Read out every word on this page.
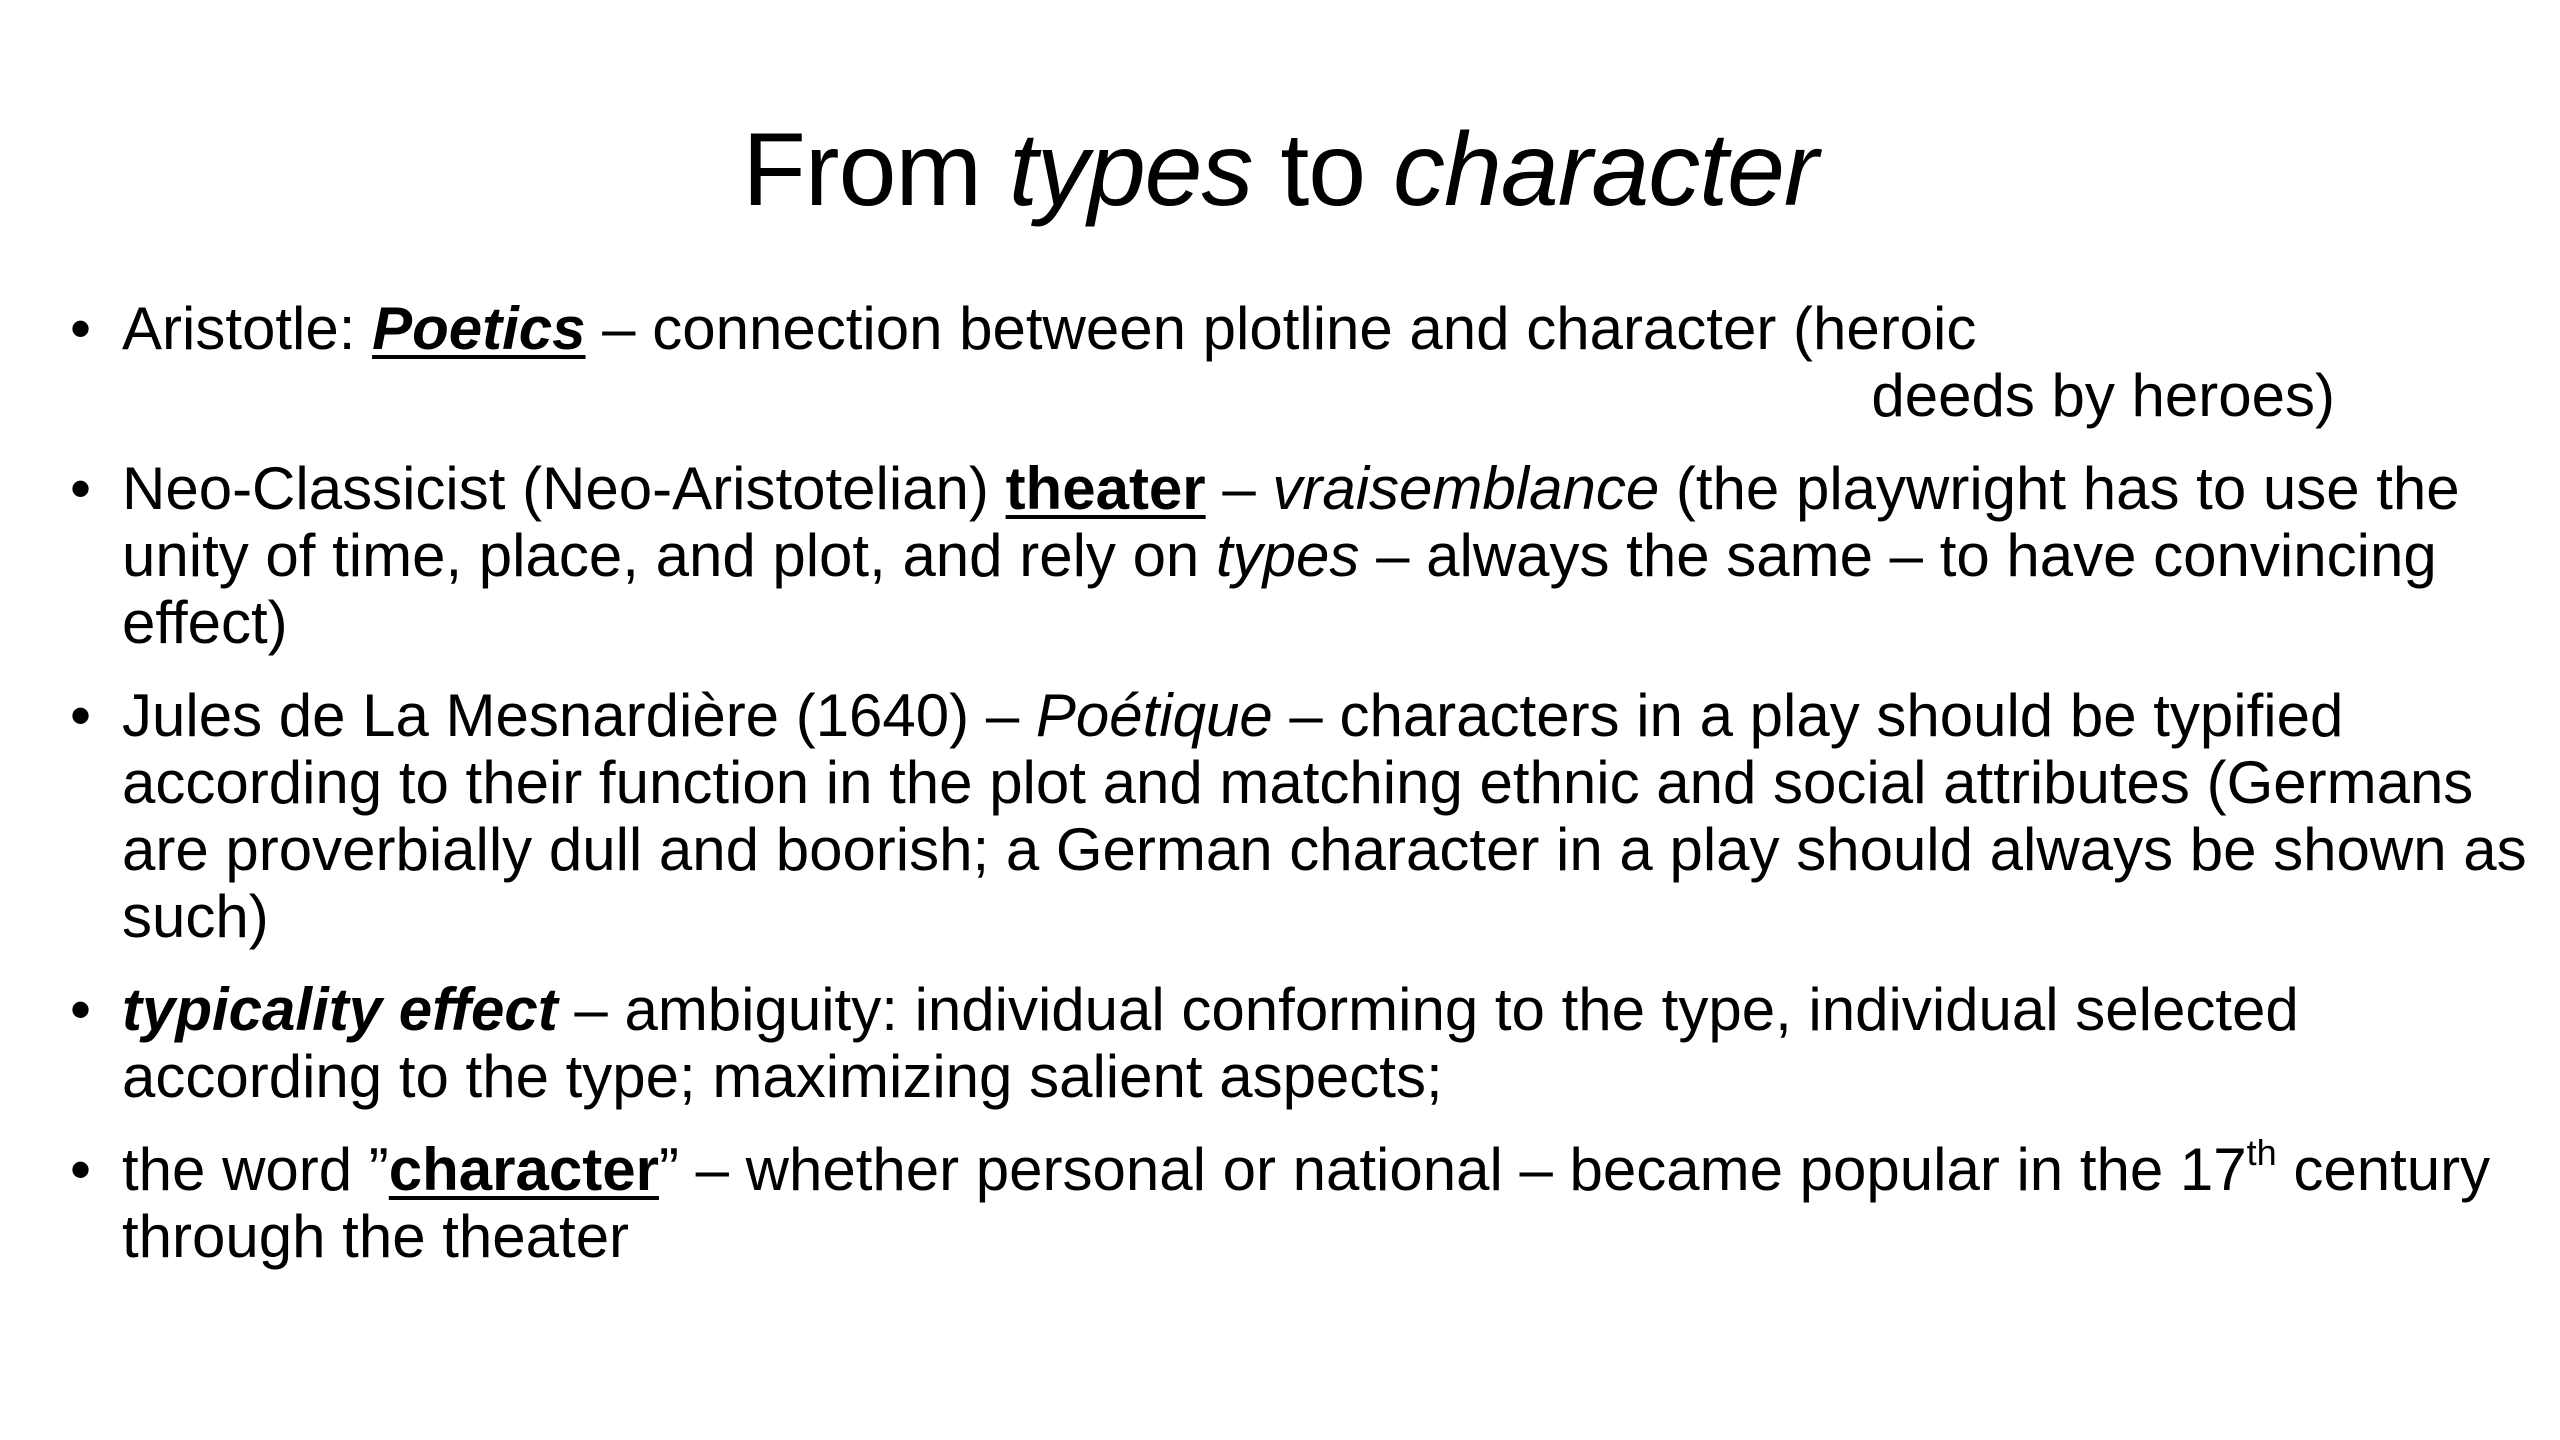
From types to character
• Aristotle: Poetics – connection between plotline and character (heroic
deeds by heroes)
• Neo-Classicist (Neo-Aristotelian) theater – vraisemblance (the playwright has to use the unity of time, place, and plot, and rely on types – always the same – to have convincing effect)
• Jules de La Mesnardière (1640) – Poétique – characters in a play should be typified according to their function in the plot and matching ethnic and social attributes (Germans are proverbially dull and boorish; a German character in a play should always be shown as such)
• typicality effect – ambiguity: individual conforming to the type, individual selected according to the type; maximizing salient aspects;
• the word ”character” – whether personal or national – became popular in the 17th century through the theater
